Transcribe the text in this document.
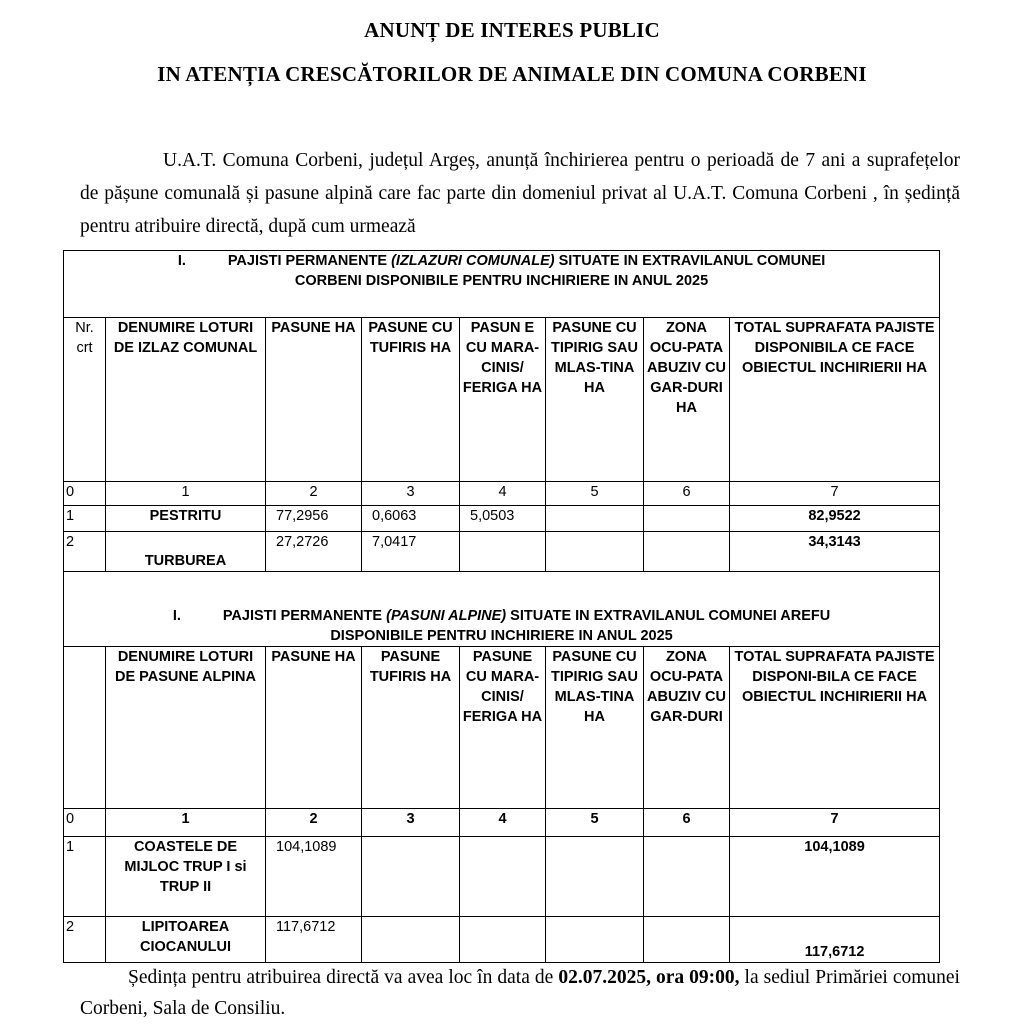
ANUNȚ DE INTERES PUBLIC
IN ATENȚIA CRESCĂTORILOR DE ANIMALE DIN COMUNA CORBENI
U.A.T. Comuna Corbeni, județul Argeș, anunță închirierea pentru o perioadă de 7 ani a suprafețelor de pășune comunală și pasune alpină care fac parte din domeniul privat al U.A.T. Comuna Corbeni , în ședință pentru atribuire directă, după cum urmează
I. PAJISTI PERMANENTE (IZLAZURI COMUNALE) SITUATE IN EXTRAVILANUL COMUNEI
CORBENI DISPONIBILE PENTRU INCHIRIERE IN ANUL 2025							
Nr. crt	DENUMIRE LOTURI DE IZLAZ COMUNAL	PASUNE HA	PASUNE CU TUFIRIS HA	PASUN E CU MARA-CINIS/ FERIGA HA	PASUNE CU TIPIRIG SAU MLAS-TINA HA	ZONA OCU-PATA ABUZIV CU GAR-DURI HA	TOTAL SUPRAFATA PAJISTE DISPONIBILA CE FACE OBIECTUL INCHIRIERII HA
0	1	2	3	4	5	6	7
1	PESTRITU	77,2956	0,6063	5,0503			82,9522
2	TURBUREA	27,2726	7,0417				34,3143
I. PAJISTI PERMANENTE (PASUNI ALPINE) SITUATE IN EXTRAVILANUL COMUNEI AREFU
DISPONIBILE PENTRU INCHIRIERE IN ANUL 2025							
	DENUMIRE LOTURI DE PASUNE ALPINA	PASUNE HA	PASUNE TUFIRIS HA	PASUNE CU MARA-CINIS/ FERIGA HA	PASUNE CU TIPIRIG SAU MLAS-TINA HA	ZONA OCU-PATA ABUZIV CU GAR-DURI	TOTAL SUPRAFATA PAJISTE DISPONI-BILA CE FACE OBIECTUL INCHIRIERII HA
0	1	2	3	4	5	6	7
1	COASTELE DE MIJLOC TRUP I si TRUP II	104,1089					104,1089
2	LIPITOAREA CIOCANULUI	117,6712					117,6712
Ședința pentru atribuirea directă va avea loc în data de 02.07.2025, ora 09:00, la sediul Primăriei comunei Corbeni, Sala de Consiliu.
